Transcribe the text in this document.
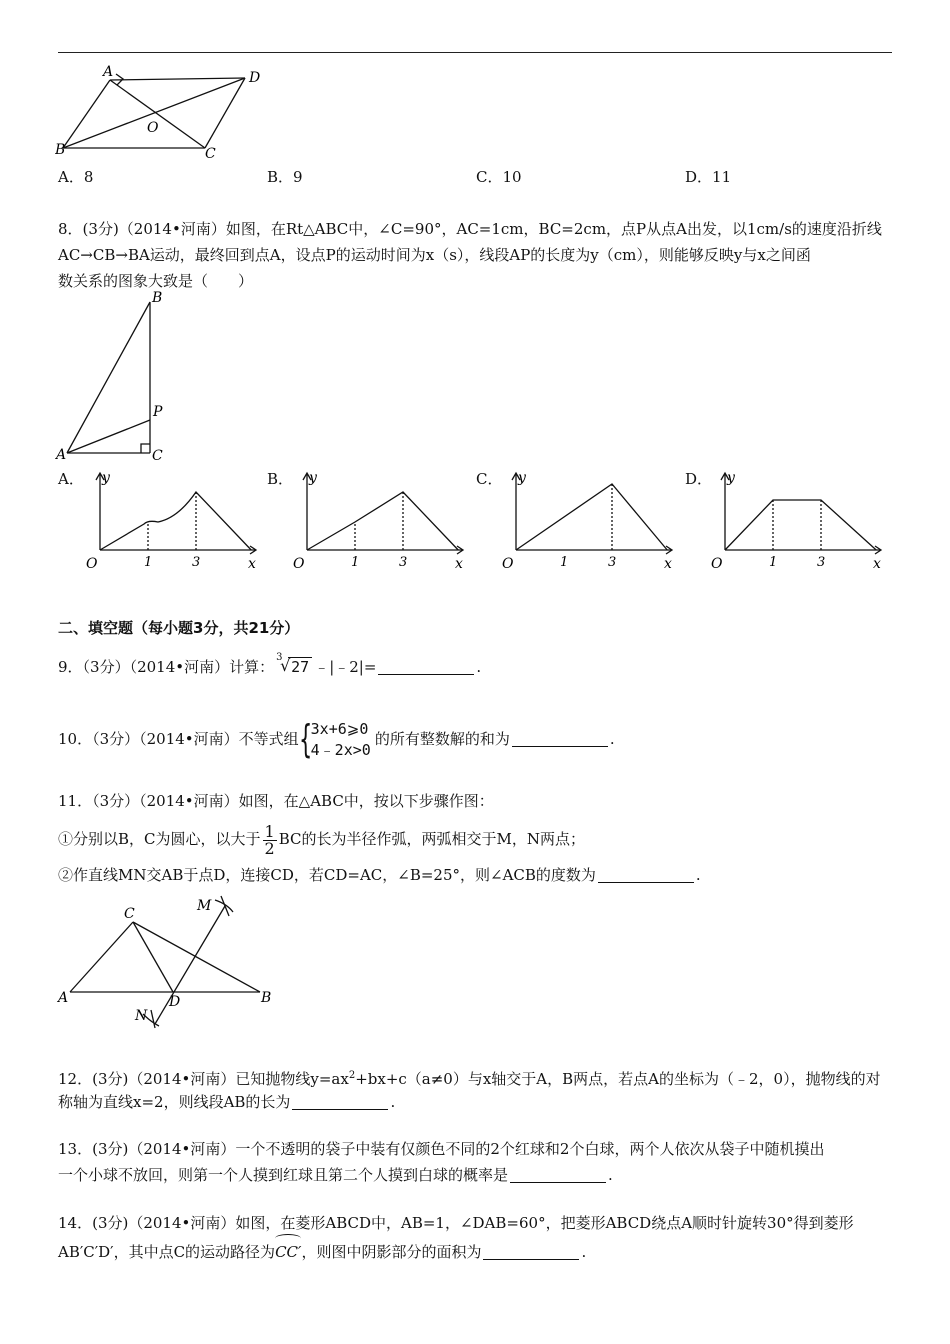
A	D
O
B	C
A．8	B．9	C．10	D．11
8．(3分)（2014•河南）如图，在Rt△ABC中，∠C=90°，AC=1cm，BC=2cm，点P从点A出发，以1cm/s的速度沿折线
AC→CB→BA运动，最终回到点A，设点P的运动时间为x（s），线段AP的长度为y（cm），则能够反映y与x之间函
数关系的图象大致是（　　）
B
P
A	C
A．	B．	C．	D．
y
x
O	1	3
y
x
O	1	3
y
x
O	1	3
y
x
O	1	3
二、填空题（每小题3分，共21分）
9．（3分）（2014•河南）计算：
3
√ 27 ﹣|﹣2|=	.
10．（3分）（2014•河南）不等式组 {
3x+6⩾0
4﹣2x>0
的所有整数解的和为	.
11．（3分）（2014•河南）如图，在△ABC中，按以下步骤作图：
①分别以B，C为圆心，以大于 $\frac{1}{2}$ BC的长为半径作弧，两弧相交于M，N两点；
②作直线MN交AB于点D，连接CD，若CD=AC，∠B=25°，则∠ACB的度数为	.
C	M
A	D	B
N
12．(3分)（2014•河南）已知抛物线$y=ax^2+bx+c(a\ne 0)$与x轴交于A，B两点，若点A的坐标为（﹣2，0），抛物线的对
称轴为直线x=2，则线段AB的长为	.
13．(3分)（2014•河南）一个不透明的袋子中装有仅颜色不同的2个红球和2个白球，两个人依次从袋子中随机摸出
一个小球不放回，则第一个人摸到红球且第二个人摸到白球的概率是	.
14．(3分)（2014•河南）如图，在菱形ABCD中，AB=1，∠DAB=60°，把菱形ABCD绕点A顺时针旋转30°得到菱形
AB′C′D′，其中点C的运动路径为CC′，则图中阴影部分的面积为	.
